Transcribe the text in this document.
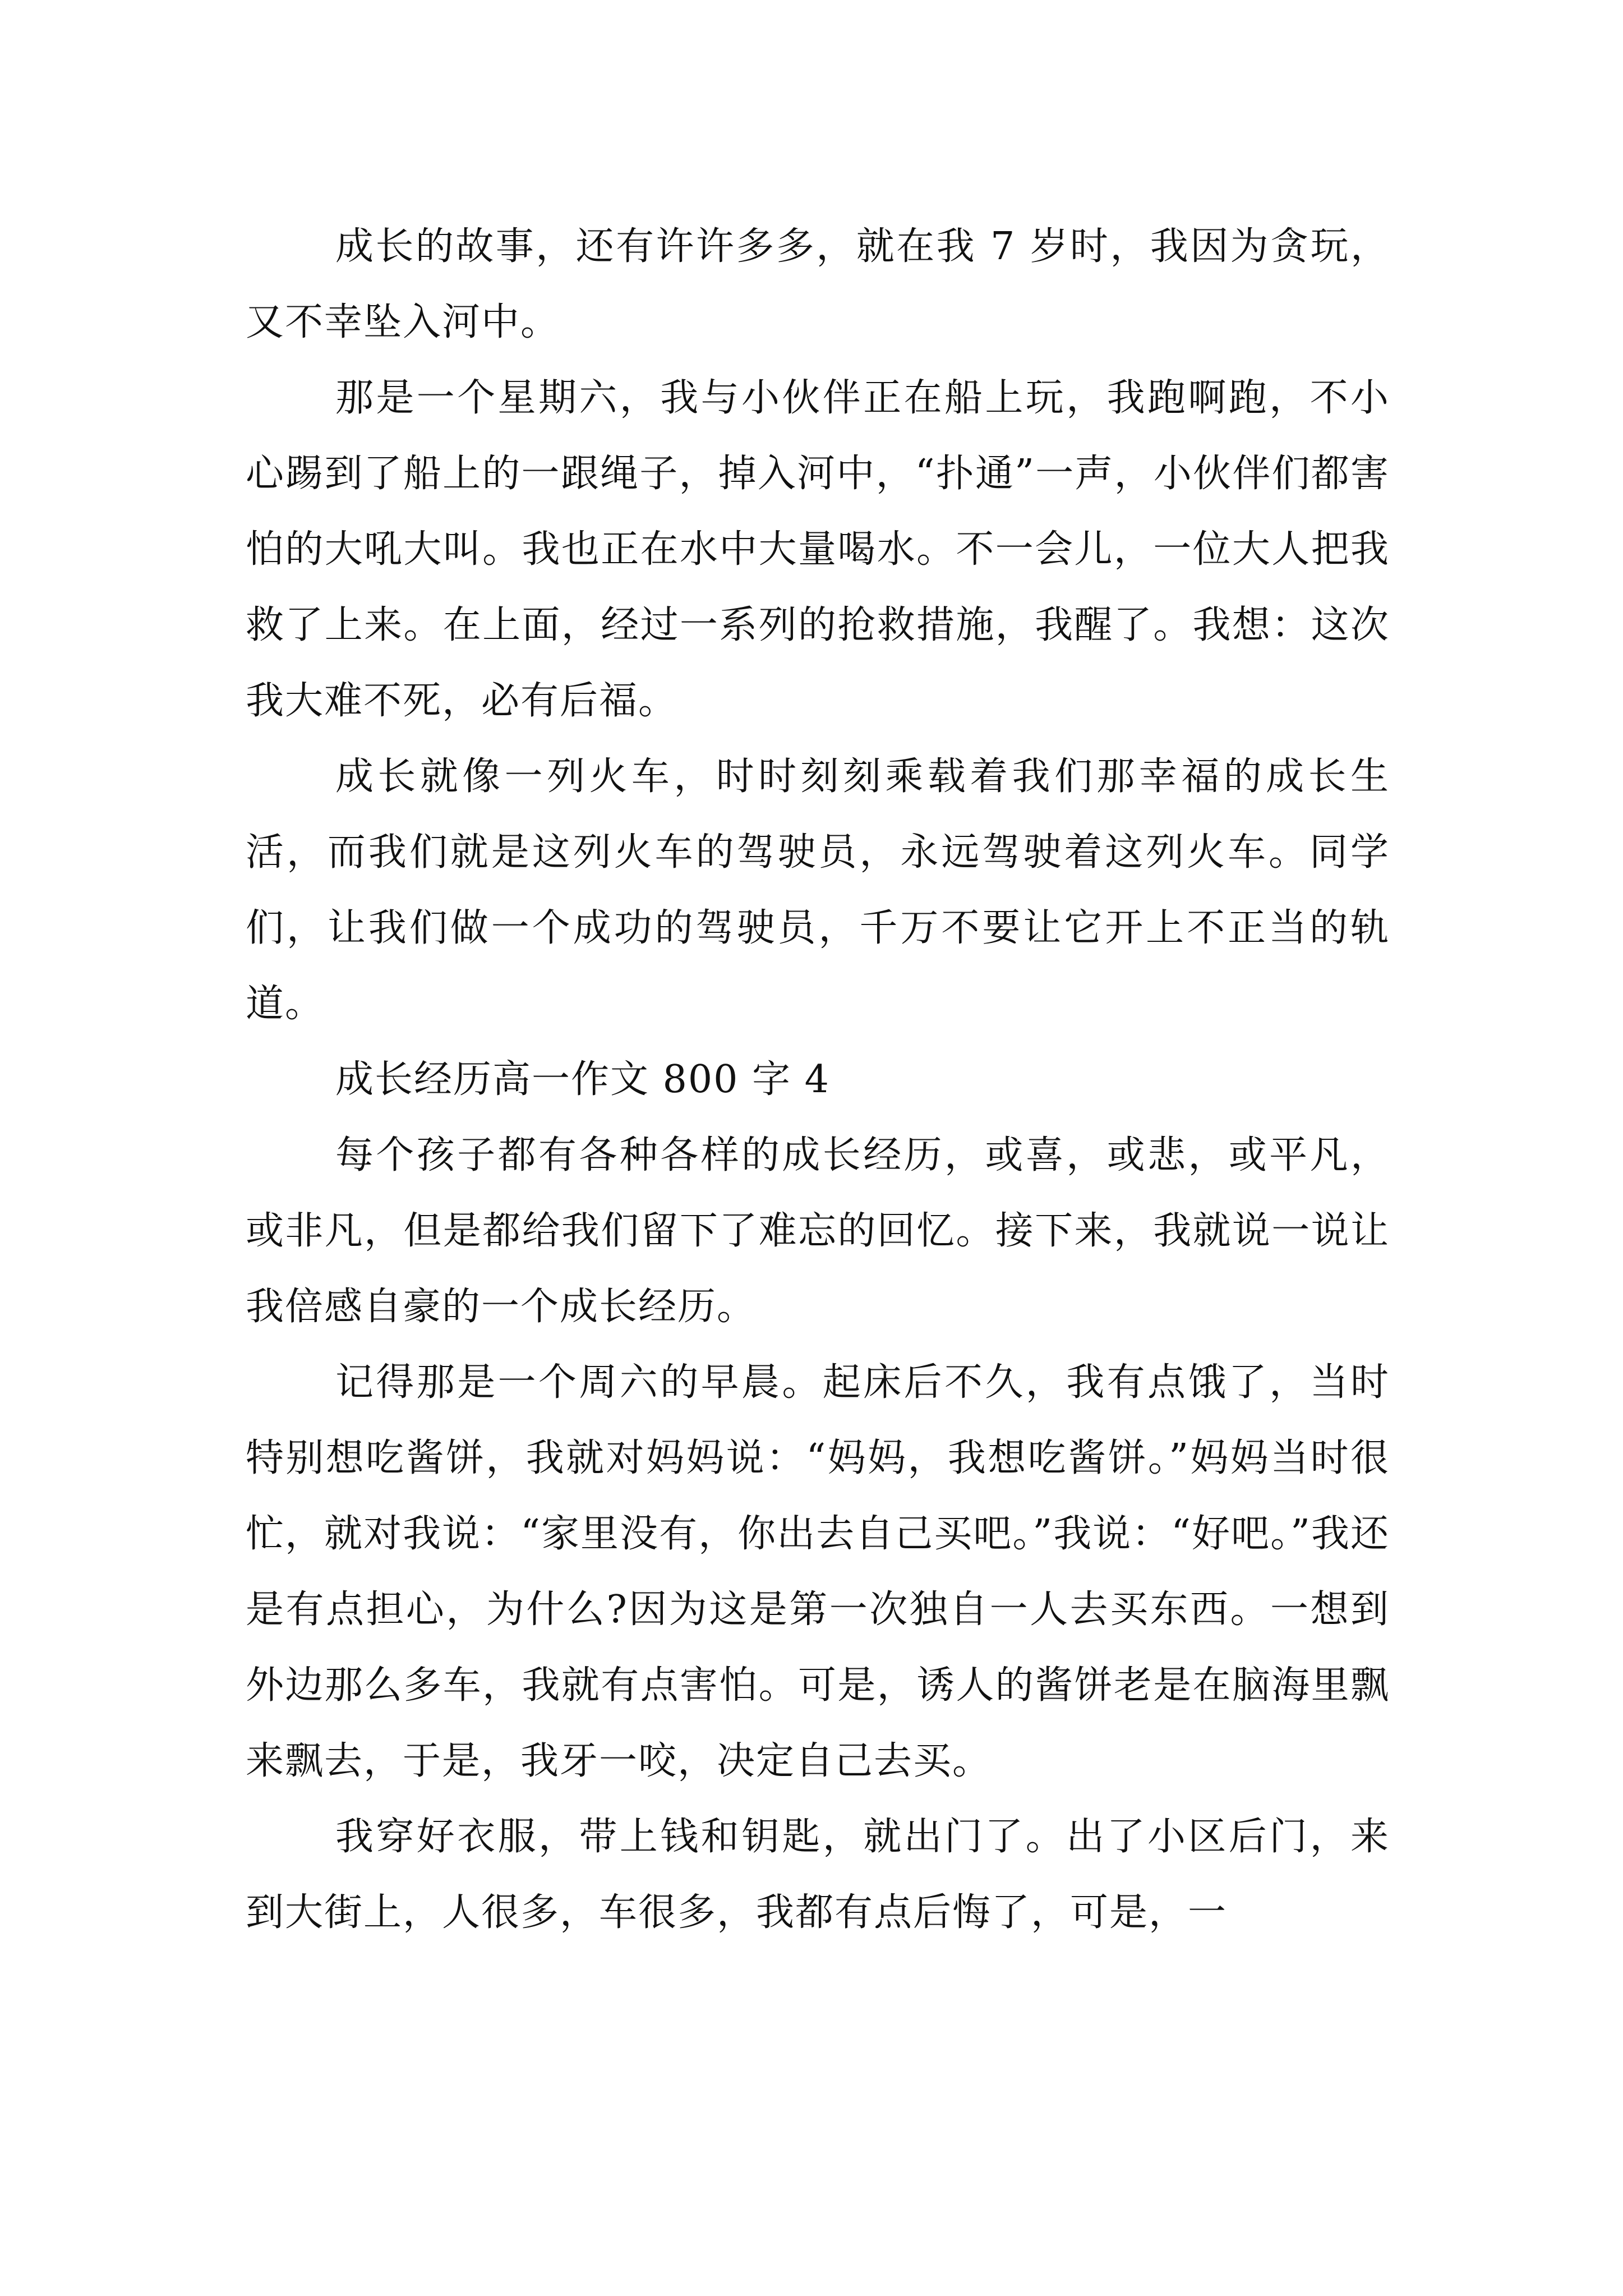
成长的故事，还有许许多多，就在我 7 岁时，我因为贪玩，又不幸坠入河中。

那是一个星期六，我与小伙伴正在船上玩，我跑啊跑，不小心踢到了船上的一跟绳子，掉入河中，“扑通”一声，小伙伴们都害怕的大吼大叫。我也正在水中大量喝水。不一会儿，一位大人把我救了上来。在上面，经过一系列的抢救措施，我醒了。我想：这次我大难不死，必有后福。

成长就像一列火车，时时刻刻乘载着我们那幸福的成长生活，而我们就是这列火车的驾驶员，永远驾驶着这列火车。同学们，让我们做一个成功的驾驶员，千万不要让它开上不正当的轨道。

成长经历高一作文 800 字 4

每个孩子都有各种各样的成长经历，或喜，或悲，或平凡，或非凡，但是都给我们留下了难忘的回忆。接下来，我就说一说让我倍感自豪的一个成长经历。

记得那是一个周六的早晨。起床后不久，我有点饿了，当时特别想吃酱饼，我就对妈妈说：“妈妈，我想吃酱饼。”妈妈当时很忙，就对我说：“家里没有，你出去自己买吧。”我说：“好吧。”我还是有点担心，为什么?因为这是第一次独自一人去买东西。一想到外边那么多车，我就有点害怕。可是，诱人的酱饼老是在脑海里飘来飘去，于是，我牙一咬，决定自己去买。

我穿好衣服，带上钱和钥匙，就出门了。出了小区后门，来到大街上，人很多，车很多，我都有点后悔了，可是，一
